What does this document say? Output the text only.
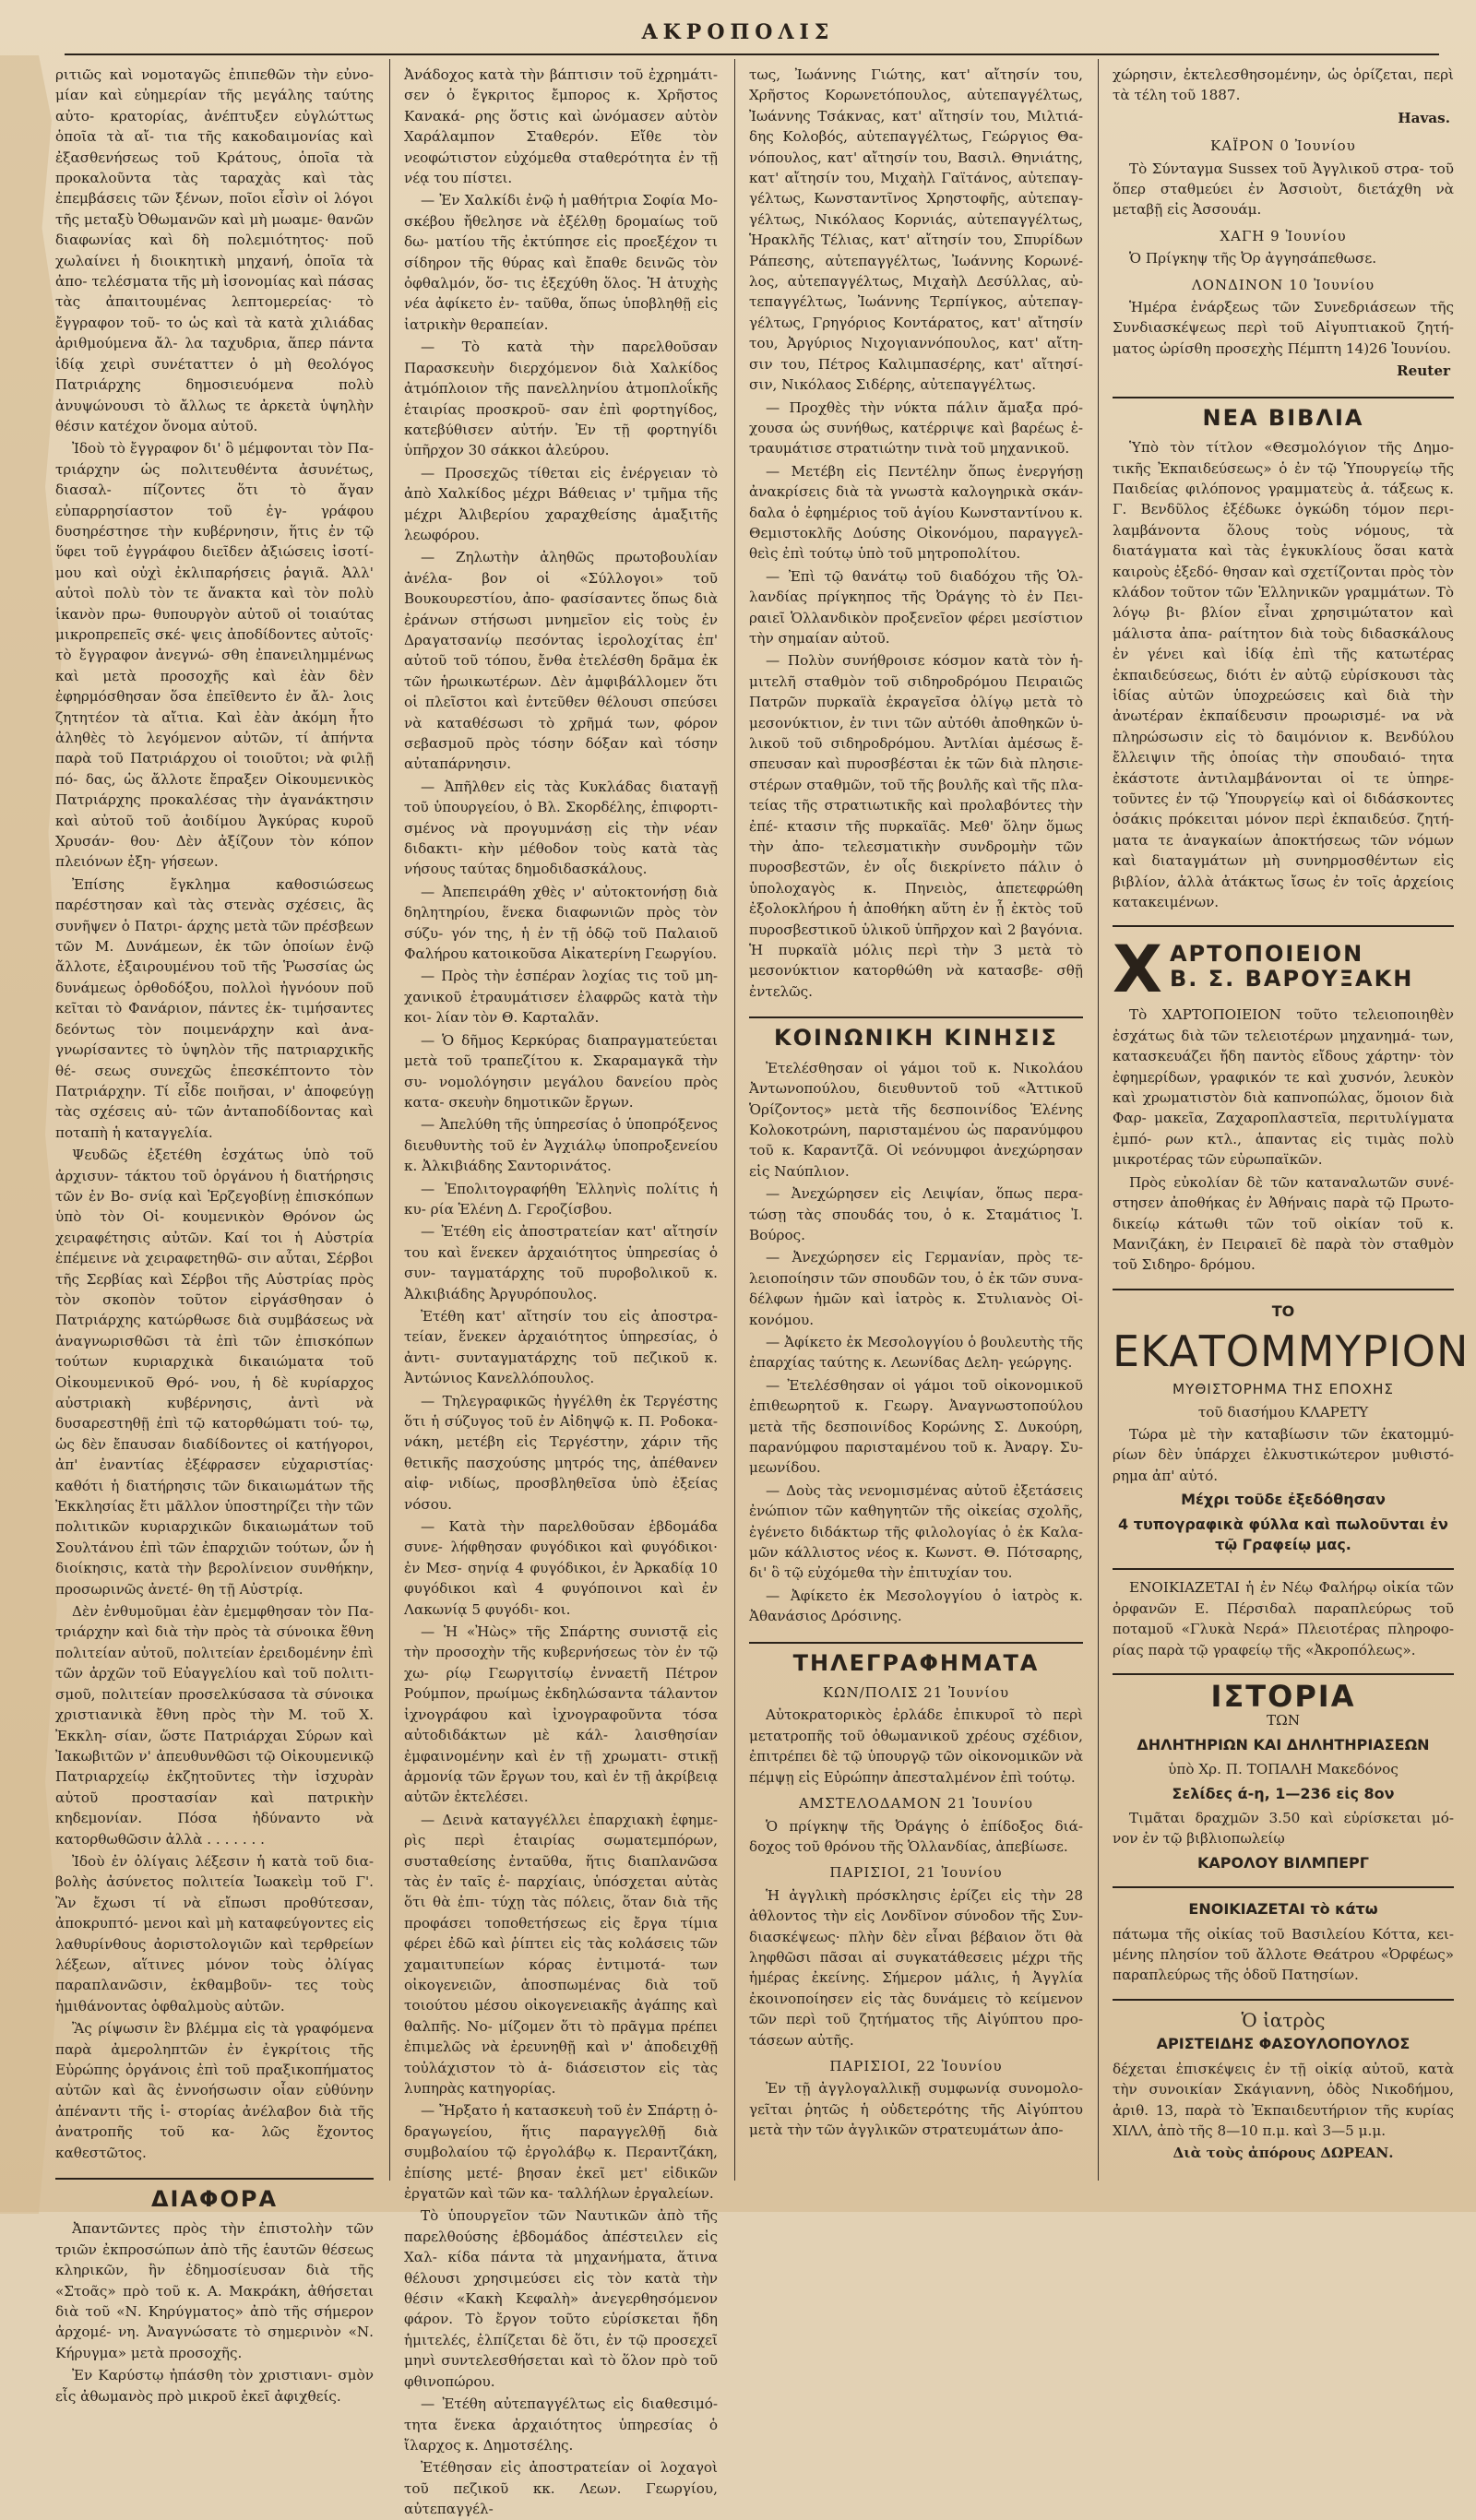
ΑΚΡΟΠΟΛΙΣ

ριτιῶς καὶ νομοταγῶς ἐπιπεθῶν τὴν εὐνο- μίαν καὶ εὐημερίαν τῆς μεγάλης ταύτης αὐτο- κρατορίας, ἀνέπτυξεν εὐγλώττως ὁποῖα τὰ αἴ- τια τῆς κακοδαιμονίας καὶ ἐξασθενήσεως τοῦ Κράτους, ὁποῖα τὰ προκαλοῦντα τὰς ταραχὰς καὶ τὰς ἐπεμβάσεις τῶν ξένων, ποῖοι εἶσὶν οἱ λόγοι τῆς μεταξὺ Ὀθωμανῶν καὶ μὴ μωαμε- θανῶν διαφωνίας καὶ δὴ πολεμιότητος· ποῦ χωλαίνει ἡ διοικητικὴ μηχανή, ὁποῖα τὰ ἀπο- τελέσματα τῆς μὴ ἰσονομίας καὶ πάσας τὰς ἀπαιτουμένας λεπτομερείας· τὸ ἔγγραφον τοῦ- το ὡς καὶ τὰ κατὰ χιλιάδας ἀριθμούμενα ἄλ- λα ταχυδρια, ἅπερ πάντα ἰδίᾳ χειρὶ συνέταττεν ὁ μὴ θεολόγος Πατριάρχης δημοσιευόμενα πολὺ ἀνυψώνουσι τὸ ἄλλως τε ἀρκετὰ ὑψηλὴν θέσιν κατέχον ὄνομα αὐτοῦ.

Ἰδοὺ τὸ ἔγγραφον δι' ὃ μέμφονται τὸν Πα- τριάρχην ὡς πολιτευθέντα ἀσυνέτως, διασαλ- πίζοντες ὅτι τὸ ἄγαν εὐπαρρησίαστον τοῦ ἐγ- γράφου δυσηρέστησε τὴν κυβέρνησιν, ἥτις ἐν τῷ ὕφει τοῦ ἐγγράφου διεῖδεν ἀξιώσεις ἰσοτί- μου καὶ οὐχὶ ἐκλιπαρήσεις ῥαγιᾶ. Ἀλλ' αὐτοὶ πολὺ τὸν τε ἄνακτα καὶ τὸν πολὺ ἱκανὸν πρω- θυπουργὸν αὐτοῦ οἱ τοιαύτας μικροπρεπεῖς σκέ- ψεις ἀποδίδοντες αὐτοῖς· τὸ ἔγγραφον ἀνεγνώ- σθη ἐπανειλημμένως καὶ μετὰ προσοχῆς καὶ ἐὰν δὲν ἐφηρμόσθησαν ὅσα ἐπεῖθεντο ἐν ἄλ- λοις ζητητέον τὰ αἴτια. Καὶ ἐὰν ἀκόμη ἦτο ἀληθὲς τὸ λεγόμενον αὐτῶν, τί ἀπήντα παρὰ τοῦ Πατριάρχου οἱ τοιοῦτοι; νὰ φιλῇ πό- δας, ὡς ἄλλοτε ἔπραξεν Οἰκουμενικὸς Πατριάρχης προκαλέσας τὴν ἀγανάκτησιν καὶ αὐτοῦ τοῦ ἀοιδίμου Ἀγκύρας κυροῦ Χρυσάν- θου· Δὲν ἀξίζουν τὸν κόπον πλειόνων ἐξη- γήσεων.

Ἐπίσης ἔγκλημα καθοσιώσεως παρέστησαν καὶ τὰς στενὰς σχέσεις, ἃς συνῆψεν ὁ Πατρι- άρχης μετὰ τῶν πρέσβεων τῶν Μ. Δυνάμεων, ἐκ τῶν ὁποίων ἐνῷ ἄλλοτε, ἐξαιρουμένου τοῦ τῆς Ῥωσσίας ὡς δυνάμεως ὀρθοδόξου, πολλοὶ ἠγνόουν ποῦ κεῖται τὸ Φανάριον, πάντες ἐκ- τιμήσαντες δεόντως τὸν ποιμενάρχην καὶ ἀνα- γνωρίσαντες τὸ ὑψηλὸν τῆς πατριαρχικῆς θέ- σεως συνεχῶς ἐπεσκέπτοντο τὸν Πατριάρχην. Τί εἶδε ποιῆσαι, ν' ἀποφεύγῃ τὰς σχέσεις αὐ- τῶν ἀνταποδίδοντας καὶ ποταπὴ ἡ καταγγελία.

Ψευδῶς ἐξετέθη ἐσχάτως ὑπὸ τοῦ ἀρχισυν- τάκτου τοῦ ὀργάνου ἡ διατήρησις τῶν ἐν Βο- σνίᾳ καὶ Ἑρζεγοβίνῃ ἐπισκόπων ὑπὸ τὸν Οἰ- κουμενικὸν Θρόνον ὡς χειραφέτησις αὐτῶν. Καί τοι ἡ Αὐστρία ἐπέμεινε νὰ χειραφετηθῶ- σιν αὗται, Σέρβοι τῆς Σερβίας καὶ Σέρβοι τῆς Αὐστρίας πρὸς τὸν σκοπὸν τοῦτον εἰργάσθησαν ὁ Πατριάρχης κατώρθωσε διὰ συμβάσεως νὰ ἀναγνωρισθῶσι τὰ ἐπὶ τῶν ἐπισκόπων τούτων κυριαρχικὰ δικαιώματα τοῦ Οἰκουμενικοῦ Θρό- νου, ἡ δὲ κυρίαρχος αὐστριακὴ κυβέρνησις, ἀντὶ νὰ δυσαρεστηθῇ ἐπὶ τῷ κατορθώματι τού- τῳ, ὡς δὲν ἔπαυσαν διαδίδοντες οἱ κατήγοροι, ἀπ' ἐναντίας ἐξέφρασεν εὐχαριστίας· καθότι ἡ διατήρησις τῶν δικαιωμάτων τῆς Ἐκκλησίας ἔτι μᾶλλον ὑποστηρίζει τὴν τῶν πολιτικῶν κυριαρχικῶν δικαιωμάτων τοῦ Σουλτάνου ἐπὶ τῶν ἐπαρχιῶν τούτων, ὧν ἡ διοίκησις, κατὰ τὴν βερολίνειον συνθήκην, προσωρινῶς ἀνετέ- θη τῇ Αὐστρίᾳ.

Δὲν ἐνθυμοῦμαι ἐὰν ἐμεμφθησαν τὸν Πα- τριάρχην καὶ διὰ τὴν πρὸς τὰ σύνοικα ἔθνη πολιτείαν αὐτοῦ, πολιτείαν ἐρειδομένην ἐπὶ τῶν ἀρχῶν τοῦ Εὐαγγελίου καὶ τοῦ πολιτι- σμοῦ, πολιτείαν προσελκύσασα τὰ σύνοικα χριστιανικὰ ἔθνη πρὸς τὴν Μ. τοῦ Χ. Ἐκκλη- σίαν, ὥστε Πατριάρχαι Σύρων καὶ Ἰακωβιτῶν ν' ἀπευθυνθῶσι τῷ Οἰκουμενικῷ Πατριαρχείῳ ἐκζητοῦντες τὴν ἰσχυρὰν αὐτοῦ προστασίαν καὶ πατρικὴν κηδεμονίαν. Πόσα ἠδύναντο νὰ κατορθωθῶσιν ἀλλὰ . . . . . . .

Ἰδοὺ ἐν ὀλίγαις λέξεσιν ἡ κατὰ τοῦ δια- βολὴς ἀσύνετος πολιτεία Ἰωακεὶμ τοῦ Γ'. Ἂν ἔχωσι τί νὰ εἴπωσι προθύτεσαν, ἀποκρυπτό- μενοι καὶ μὴ καταφεύγοντες εἰς λαθυρίνθους ἀοριστολογιῶν καὶ τερθρείων λέξεων, αἵτινες μόνον τοὺς ὀλίγας παραπλανῶσιν, ἐκθαμβοῦν- τες τοὺς ἡμιθάνοντας ὀφθαλμοὺς αὐτῶν.

Ἂς ρίψωσιν ἓν βλέμμα εἰς τὰ γραφόμενα παρὰ ἀμεροληπτῶν ἐν ἐγκρίτοις τῆς Εὐρώπης ὀργάνοις ἐπὶ τοῦ πραξικοπήματος αὐτῶν καὶ ἂς ἐννοήσωσιν οἷαν εὐθύνην ἀπέναντι τῆς ἱ- στορίας ἀνέλαβον διὰ τῆς ἀνατροπῆς τοῦ κα- λῶς ἔχοντος καθεστῶτος.

ΔΙΑΦΟΡΑ

Ἀπαντῶντες πρὸς τὴν ἐπιστολὴν τῶν τριῶν ἐκπροσώπων ἀπὸ τῆς ἑαυτῶν θέσεως κληρικῶν, ἣν ἐδημοσίευσαν διὰ τῆς «Στοᾶς» πρὸ τοῦ κ. Α. Μακράκη, ἀθήσεται διὰ τοῦ «Ν. Κηρύγματος» ἀπὸ τῆς σήμερον ἀρχομέ- νη. Ἀναγνώσατε τὸ σημερινὸν «Ν. Κήρυγμα» μετὰ προσοχῆς.

Ἐν Καρύστῳ ἠπάσθη τὸν χριστιανι- σμὸν εἷς ἀθωμανὸς πρὸ μικροῦ ἐκεῖ ἀφιχθείς.

Ἀνάδοχος κατὰ τὴν βάπτισιν τοῦ ἐχρημάτι- σεν ὁ ἔγκριτος ἔμπορος κ. Χρῆστος Κανακά- ρης ὅστις καὶ ὠνόμασεν αὐτὸν Χαράλαμπον Σταθερόν. Εἴθε τὸν νεοφώτιστον εὐχόμεθα σταθερότητα ἐν τῇ νέᾳ του πίστει.

— Ἐν Χαλκίδι ἐνῷ ἡ μαθήτρια Σοφία Μο- σκέβου ἤθελησε νὰ ἐξέλθῃ δρομαίως τοῦ δω- ματίου τῆς ἐκτύπησε εἰς προεξέχον τι σίδηρον τῆς θύρας καὶ ἔπαθε δεινῶς τὸν ὀφθαλμόν, ὅσ- τις ἐξεχύθη ὅλος. Ἡ ἀτυχὴς νέα ἀφίκετο ἐν- ταῦθα, ὅπως ὑποβληθῇ εἰς ἰατρικὴν θεραπείαν.

— Τὸ κατὰ τὴν παρελθοῦσαν Παρασκευὴν διερχόμενον διὰ Χαλκίδος ἀτμόπλοιον τῆς πανελληνίου ἀτμοπλοΐκῆς ἑταιρίας προσκροῦ- σαν ἐπὶ φορτηγίδος, κατεβύθισεν αὐτήν. Ἐν τῇ φορτηγίδι ὑπῆρχον 30 σάκκοι ἀλεύρου.

— Προσεχῶς τίθεται εἰς ἐνέργειαν τὸ ἀπὸ Χαλκίδος μέχρι Βάθειας ν' τμῆμα τῆς μέχρι Ἀλιβερίου χαραχθείσης ἁμαξιτῆς λεωφόρου.

— Ζηλωτὴν ἀληθῶς πρωτοβουλίαν ἀνέλα- βον οἱ «Σύλλογοι» τοῦ Βουκουρεστίου, ἀπο- φασίσαντες ὅπως διὰ ἐράνων στήσωσι μνημεῖον εἰς τοὺς ἐν Δραγατσανίῳ πεσόντας ἱερολοχίτας ἐπ' αὐτοῦ τοῦ τόπου, ἔνθα ἐτελέσθη δρᾶμα ἐκ τῶν ἡρωικωτέρων. Δὲν ἀμφιβάλλομεν ὅτι οἱ πλεῖστοι καὶ ἐντεῦθεν θέλουσι σπεύσει νὰ καταθέσωσι τὸ χρῆμά των, φόρον σεβασμοῦ πρὸς τόσην δόξαν καὶ τόσην αὐταπάρνησιν.

— Ἀπῆλθεν εἰς τὰς Κυκλάδας διαταγῇ τοῦ ὑπουργείου, ὁ Βλ. Σκορδέλης, ἐπιφορτι- σμένος νὰ προγυμνάσῃ εἰς τὴν νέαν διδακτι- κὴν μέθοδον τοὺς κατὰ τὰς νήσους ταύτας δημοδιδασκάλους.

— Ἀπεπειράθη χθὲς ν' αὐτοκτονήσῃ διὰ δηλητηρίου, ἕνεκα διαφωνιῶν πρὸς τὸν σύζυ- γόν της, ἡ ἐν τῇ ὁδῷ τοῦ Παλαιοῦ Φαλήρου κατοικοῦσα Αἰκατερίνη Γεωργίου.

— Πρὸς τὴν ἑσπέραν λοχίας τις τοῦ μη- χανικοῦ ἐτραυμάτισεν ἐλαφρῶς κατὰ τὴν κοι- λίαν τὸν Θ. Καρταλᾶν.

— Ὁ δῆμος Κερκύρας διαπραγματεύεται μετὰ τοῦ τραπεζίτου κ. Σκαραμαγκᾶ τὴν συ- νομολόγησιν μεγάλου δανείου πρὸς κατα- σκευὴν δημοτικῶν ἔργων.

— Ἀπελύθη τῆς ὑπηρεσίας ὁ ὑποπρόξενος διευθυντὴς τοῦ ἐν Ἀγχιάλῳ ὑποπροξενείου κ. Ἀλκιβιάδης Σαντορινάτος.

— Ἐπολιτογραφήθη Ἑλληνὶς πολίτις ἡ κυ- ρία Ἑλένη Δ. Γεροζίσβου.

— Ἐτέθη εἰς ἀποστρατείαν κατ' αἴτησίν του καὶ ἕνεκεν ἀρχαιότητος ὑπηρεσίας ὁ συν- ταγματάρχης τοῦ πυροβολικοῦ κ. Ἀλκιβιάδης Ἀργυρόπουλος.

Ἐτέθη κατ' αἴτησίν του εἰς ἀποστρα- τείαν, ἕνεκεν ἀρχαιότητος ὑπηρεσίας, ὁ ἀντι- συνταγματάρχης τοῦ πεζικοῦ κ. Ἀντώνιος Κανελλόπουλος.

— Τηλεγραφικῶς ἠγγέλθη ἐκ Τεργέστης ὅτι ἡ σύζυγος τοῦ ἐν Αἰδηψῷ κ. Π. Ροδοκα- νάκη, μετέβη εἰς Τεργέστην, χάριν τῆς θετικῆς πασχούσης μητρός της, ἀπέθανεν αἰφ- νιδίως, προσβληθεῖσα ὑπὸ ἐξείας νόσου.

— Κατὰ τὴν παρελθοῦσαν ἑβδομάδα συνε- λήφθησαν φυγόδικοι καὶ φυγόδικοι· ἐν Μεσ- σηνίᾳ 4 φυγόδικοι, ἐν Ἀρκαδίᾳ 10 φυγόδικοι καὶ 4 φυγόποινοι καὶ ἐν Λακωνίᾳ 5 φυγόδι- κοι.

— Ἡ «Ἠὼς» τῆς Σπάρτης συνιστᾷ εἰς τὴν προσοχὴν τῆς κυβερνήσεως τὸν ἐν τῷ χω- ρίῳ Γεωργιτσίῳ ἐνναετῆ Πέτρον Ρούμπον, πρωίμως ἐκδηλώσαντα τάλαντον ἰχνογράφου καὶ ἰχνογραφοῦντα τόσα αὐτοδιδάκτων μὲ κάλ- λαισθησίαν ἐμφαινομένην καὶ ἐν τῇ χρωματι- στικῇ ἁρμονίᾳ τῶν ἔργων του, καὶ ἐν τῇ ἀκρίβειᾳ αὐτῶν ἐκτελέσει.

— Δεινὰ καταγγέλλει ἐπαρχιακὴ ἐφημε- ρὶς περὶ ἑταιρίας σωματεμπόρων, συσταθείσης ἐνταῦθα, ἥτις διαπλανῶσα τὰς ἐν ταῖς ἐ- παρχίαις, ὑπόσχεται αὐτὰς ὅτι θὰ ἐπι- τύχῃ τὰς πόλεις, ὅταν διὰ τῆς προφάσει τοποθετήσεως εἰς ἔργα τίμια φέρει ἐδῶ καὶ ῥίπτει εἰς τὰς κολάσεις τῶν χαμαιτυπείων κόρας ἐντιμοτά- των οἰκογενειῶν, ἀποσπωμένας διὰ τοῦ τοιούτου μέσου οἰκογενειακῆς ἀγάπης καὶ θαλπῆς. Νο- μίζομεν ὅτι τὸ πρᾶγμα πρέπει ἐπιμελῶς νὰ ἐρευνηθῇ καὶ ν' ἀποδειχθῇ τοὐλάχιστον τὸ ἀ- διάσειστον εἰς τὰς λυπηρὰς κατηγορίας.

— Ἤρξατο ἡ κατασκευὴ τοῦ ἐν Σπάρτῃ ὁ- δραγωγείου, ἥτις παραγγελθῇ διὰ συμβολαίου τῷ ἐργολάβῳ κ. Περαντζάκη, ἐπίσης μετέ- βησαν ἐκεῖ μετ' εἰδικῶν ἐργατῶν καὶ τῶν κα- ταλλήλων ἐργαλείων.

Τὸ ὑπουργεῖον τῶν Ναυτικῶν ἀπὸ τῆς παρελθούσης ἑβδομάδος ἀπέστειλεν εἰς Χαλ- κίδα πάντα τὰ μηχανήματα, ἅτινα θέλουσι χρησιμεύσει εἰς τὸν κατὰ τὴν θέσιν «Κακὴ Κεφαλὴ» ἀνεγερθησόμενον φάρον. Τὸ ἔργον τοῦτο εὑρίσκεται ἤδη ἡμιτελές, ἐλπίζεται δὲ ὅτι, ἐν τῷ προσεχεῖ μηνὶ συντελεσθήσεται καὶ τὸ ὅλον πρὸ τοῦ φθινοπώρου.

— Ἐτέθη αὐτεπαγγέλτως εἰς διαθεσιμό- τητα ἕνεκα ἀρχαιότητος ὑπηρεσίας ὁ ἴλαρχος κ. Δημοτσέλης.

Ἐτέθησαν εἰς ἀποστρατείαν οἱ λοχαγοὶ τοῦ πεζικοῦ κκ. Λεων. Γεωργίου, αὐτεπαγγέλ-

τως, Ἰωάννης Γιώτης, κατ' αἴτησίν του, Χρῆστος Κορωνετόπουλος, αὐτεπαγγέλτως, Ἰωάννης Τσάκνας, κατ' αἴτησίν του, Μιλτιά- δης Κολοβός, αὐτεπαγγέλτως, Γεώργιος Θα- νόπουλος, κατ' αἴτησίν του, Βασιλ. Θηνιάτης, κατ' αἴτησίν του, Μιχαὴλ Γαϊτάνος, αὐτεπαγ- γέλτως, Κωνσταντῖνος Χρηστοφῆς, αὐτεπαγ- γέλτως, Νικόλαος Κορνιάς, αὐτεπαγγέλτως, Ἡρακλῆς Τέλιας, κατ' αἴτησίν του, Σπυρίδων Ράπεσης, αὐτεπαγγέλτως, Ἰωάννης Κορωνέ- λος, αὐτεπαγγέλτως, Μιχαὴλ Δεσύλλας, αὐ- τεπαγγέλτως, Ἰωάννης Τερπίγκος, αὐτεπαγ- γέλτως, Γρηγόριος Κοντάρατος, κατ' αἴτησίν του, Ἀργύριος Νιχογιαννόπουλος, κατ' αἴτη- σιν του, Πέτρος Καλιμπασέρης, κατ' αἴτησί- σιν, Νικόλαος Σιδέρης, αὐτεπαγγέλτως.

— Προχθὲς τὴν νύκτα πάλιν ἄμαξα πρό- χουσα ὡς συνήθως, κατέρριψε καὶ βαρέως ἐ- τραυμάτισε στρατιώτην τινὰ τοῦ μηχανικοῦ.

— Μετέβη εἰς Πεντέλην ὅπως ἐνεργήσῃ ἀνακρίσεις διὰ τὰ γνωστὰ καλογηρικὰ σκάν- δαλα ὁ ἐφημέριος τοῦ ἁγίου Κωνσταντίνου κ. Θεμιστοκλῆς Δούσης Οἰκονόμου, παραγγελ- θεὶς ἐπὶ τούτῳ ὑπὸ τοῦ μητροπολίτου.

— Ἐπὶ τῷ θανάτῳ τοῦ διαδόχου τῆς Ὁλ- λανδίας πρίγκηπος τῆς Ὀράγης τὸ ἐν Πει- ραιεῖ Ὁλλανδικὸν προξενεῖον φέρει μεσίστιον τὴν σημαίαν αὐτοῦ.

— Πολὺν συνήθροισε κόσμον κατὰ τὸν ἡ- μιτελῆ σταθμὸν τοῦ σιδηροδρόμου Πειραιῶς Πατρῶν πυρκαϊὰ ἐκραγεῖσα ὀλίγῳ μετὰ τὸ μεσονύκτιον, ἐν τινι τῶν αὐτόθι ἀποθηκῶν ὑ- λικοῦ τοῦ σιδηροδρόμου. Ἀντλίαι ἀμέσως ἔ- σπευσαν καὶ πυροσβέσται ἐκ τῶν διὰ πλησιε- στέρων σταθμῶν, τοῦ τῆς βουλῆς καὶ τῆς πλα- τείας τῆς στρατιωτικῆς καὶ προλαβόντες τὴν ἐπέ- κτασιν τῆς πυρκαϊᾶς. Μεθ' ὅλην ὅμως τὴν ἀπο- τελεσματικὴν συνδρομὴν τῶν πυροσβεστῶν, ἐν οἷς διεκρίνετο πάλιν ὁ ὑπολοχαγὸς κ. Πηνειὸς, ἀπετεφρώθη ἐξολοκλήρου ἡ ἀποθήκη αὕτη ἐν ᾗ ἐκτὸς τοῦ πυροσβεστικοῦ ὑλικοῦ ὑπῆρχον καὶ 2 βαγόνια. Ἡ πυρκαϊὰ μόλις περὶ τὴν 3 μετὰ τὸ μεσονύκτιον κατορθώθη νὰ κατασβε- σθῇ ἐντελῶς.

ΚΟΙΝΩΝΙΚΗ ΚΙΝΗΣΙΣ

Ἐτελέσθησαν οἱ γάμοι τοῦ κ. Νικολάου Ἀντωνοπούλου, διευθυντοῦ τοῦ «Ἀττικοῦ Ὁρίζοντος» μετὰ τῆς δεσποινίδος Ἑλένης Κολοκοτρώνη, παρισταμένου ὡς παρανύμφου τοῦ κ. Καραντζᾶ. Οἱ νεόνυμφοι ἀνεχώρησαν εἰς Ναύπλιον.

— Ἀνεχώρησεν εἰς Λειψίαν, ὅπως περα- τώσῃ τὰς σπουδάς του, ὁ κ. Σταμάτιος Ἰ. Βούρος.

— Ἀνεχώρησεν εἰς Γερμανίαν, πρὸς τε- λειοποίησιν τῶν σπουδῶν του, ὁ ἐκ τῶν συνα- δέλφων ἡμῶν καὶ ἰατρὸς κ. Στυλιανὸς Οἰ- κονόμου.

— Ἀφίκετο ἐκ Μεσολογγίου ὁ βουλευτὴς τῆς ἐπαρχίας ταύτης κ. Λεωνίδας Δελη- γεώργης.

— Ἐτελέσθησαν οἱ γάμοι τοῦ οἰκονομικοῦ ἐπιθεωρητοῦ κ. Γεωργ. Ἀναγνωστοπούλου μετὰ τῆς δεσποινίδος Κορώνης Σ. Δυκούρη, παρανύμφου παρισταμένου τοῦ κ. Ἀναργ. Συ- μεωνίδου.

— Δοὺς τὰς νενομισμένας αὐτοῦ ἐξετάσεις ἐνώπιον τῶν καθηγητῶν τῆς οἰκείας σχολῆς, ἐγένετο διδάκτωρ τῆς φιλολογίας ὁ ἐκ Καλα- μῶν κάλλιστος νέος κ. Κωνστ. Θ. Πότσαρης, δι' ὃ τῷ εὐχόμεθα τὴν ἐπιτυχίαν του.

— Ἀφίκετο ἐκ Μεσολογγίου ὁ ἰατρὸς κ. Ἀθανάσιος Δρόσινης.

ΤΗΛΕΓΡΑΦΗΜΑΤΑ
ΚΩΝ/ΠΟΛΙΣ 21 Ἰουνίου

Αὐτοκρατορικὸς ἐρλάδε ἐπικυροῖ τὸ περὶ μετατροπῆς τοῦ ὀθωμανικοῦ χρέους σχέδιον, ἐπιτρέπει δὲ τῷ ὑπουργῷ τῶν οἰκονομικῶν νὰ πέμψῃ εἰς Εὐρώπην ἀπεσταλμένον ἐπὶ τούτῳ.

ΑΜΣΤΕΛΟΔΑΜΟΝ 21 Ἰουνίου

Ὁ πρίγκηψ τῆς Ὀράγης ὁ ἐπίδοξος διά- δοχος τοῦ θρόνου τῆς Ὁλλανδίας, ἀπεβίωσε.

ΠΑΡΙΣΙΟΙ, 21 Ἰουνίου

Ἡ ἀγγλικὴ πρόσκλησις ἐρίζει εἰς τὴν 28 ἀθλοντος τὴν εἰς Λονδῖνον σύνοδον τῆς Συν- διασκέψεως· πλὴν δὲν εἶναι βέβαιον ὅτι θὰ ληφθῶσι πᾶσαι αἱ συγκατάθεσεις μέχρι τῆς ἡμέρας ἐκείνης. Σήμερον μάλις, ἡ Ἀγγλία ἐκοινοποίησεν εἰς τὰς δυνάμεις τὸ κείμενον τῶν περὶ τοῦ ζητήματος τῆς Αἰγύπτου προ- τάσεων αὐτῆς.

ΠΑΡΙΣΙΟΙ, 22 Ἰουνίου

Ἐν τῇ ἀγγλογαλλικῇ συμφωνίᾳ συνομολο- γεῖται ῥητῶς ἡ οὐδετερότης τῆς Αἰγύπτου μετὰ τὴν τῶν ἀγγλικῶν στρατευμάτων ἀπο-

χώρησιν, ἐκτελεσθησομένην, ὡς ὁρίζεται, περὶ τὰ τέλη τοῦ 1887.

Havas.
ΚΑΪΡΟΝ 0 Ἰουνίου

Τὸ Σύνταγμα Sussex τοῦ Ἀγγλικοῦ στρα- τοῦ ὅπερ σταθμεύει ἐν Ἀσσιοὺτ, διετάχθη νὰ μεταβῇ εἰς Ἀσσουάμ.

ΧΑΓΗ 9 Ἰουνίου

Ὁ Πρίγκηψ τῆς Ὀρ ἀγγησάπεθωσε.

ΛΟΝΔΙΝΟΝ 10 Ἰουνίου

Ἡμέρα ἐνάρξεως τῶν Συνεδριάσεων τῆς Συνδιασκέψεως περὶ τοῦ Αἰγυπτιακοῦ ζητή- ματος ὡρίσθη προσεχὴς Πέμπτη 14)26 Ἰουνίου.

Reuter
ΝΕΑ ΒΙΒΛΙΑ

Ὑπὸ τὸν τίτλον «Θεσμολόγιον τῆς Δημο- τικῆς Ἐκπαιδεύσεως» ὁ ἐν τῷ Ὑπουργείῳ τῆς Παιδείας φιλόπονος γραμματεὺς ἀ. τάξεως κ. Γ. Βενδῦλος ἐξέδωκε ὀγκώδη τόμον περι- λαμβάνοντα ὅλους τοὺς νόμους, τὰ διατάγματα καὶ τὰς ἐγκυκλίους ὅσαι κατὰ καιροὺς ἐξεδό- θησαν καὶ σχετίζονται πρὸς τὸν κλάδον τοῦτον τῶν Ἑλληνικῶν γραμμάτων. Τὸ λόγῳ βι- βλίον εἶναι χρησιμώτατον καὶ μάλιστα ἀπα- ραίτητον διὰ τοὺς διδασκάλους ἐν γένει καὶ ἰδίᾳ ἐπὶ τῆς κατωτέρας ἐκπαιδεύσεως, διότι ἐν αὐτῷ εὑρίσκουσι τὰς ἰδίας αὐτῶν ὑποχρεώσεις καὶ διὰ τὴν ἀνωτέραν ἐκπαίδευσιν προωρισμέ- να νὰ πληρώσωσιν εἰς τὸ δαιμόνιον κ. Βενδύλου ἔλλειψιν τῆς ὁποίας τὴν σπουδαιό- τητα ἐκάστοτε ἀντιλαμβάνονται οἱ τε ὑπηρε- τοῦντες ἐν τῷ Ὑπουργείῳ καὶ οἱ διδάσκοντες ὁσάκις πρόκειται μόνον περὶ ἐκπαιδεύσ. ζητή- ματα τε ἀναγκαίων ἀποκτήσεως τῶν νόμων καὶ διαταγμάτων μὴ συνηρμοσθέντων εἰς βιβλίον, ἀλλὰ ἀτάκτως ἴσως ἐν τοῖς ἀρχείοις κατακειμένων.

Χ ΑΡΤΟΠΟΙΕΙΟΝ
Β. Σ. ΒΑΡΟΥΞΑΚΗ

Τὸ ΧΑΡΤΟΠΟΙΕΙΟΝ τοῦτο τελειοποιηθὲν ἐσχάτως διὰ τῶν τελειοτέρων μηχανημά- των, κατασκευάζει ἤδη παντὸς εἴδους χάρτην· τὸν ἐφημερίδων, γραφικόν τε καὶ χυσνόν, λευκὸν καὶ χρωματιστὸν διὰ καπνοπώλας, ὅμοιον διὰ Φαρ- μακεῖα, Ζαχαροπλαστεῖα, περιτυλίγματα ἐμπό- ρων κτλ., ἁπαντας εἰς τιμὰς πολὺ μικροτέρας τῶν εὐρωπαϊκῶν.

Πρὸς εὐκολίαν δὲ τῶν καταναλωτῶν συνέ- στησεν ἀποθήκας ἐν Ἀθήναις παρὰ τῷ Πρωτο- δικείῳ κάτωθι τῶν τοῦ οἰκίαν τοῦ κ. Μανιζάκη, ἐν Πειραιεῖ δὲ παρὰ τὸν σταθμὸν τοῦ Σιδηρο- δρόμου.

ΤΟ
ΕΚΑΤΟΜΜΥΡΙΟΝ
ΜΥΘΙΣΤΟΡΗΜΑ ΤΗΣ ΕΠΟΧΗΣ
τοῦ διασήμου ΚΛΑΡΕΤΥ

Τώρα μὲ τὴν καταβίωσιν τῶν ἑκατομμύ- ρίων δὲν ὑπάρχει ἐλκυστικώτερον μυθιστό- ρημα ἀπ' αὐτό.

Μέχρι τοῦδε ἐξεδόθησαν
4 τυπογραφικὰ φύλλα καὶ πωλοῦνται ἐν τῷ Γραφείῳ μας.

ΕΝΟΙΚΙΑΖΕΤΑΙ ἡ ἐν Νέῳ Φαλήρῳ οἰκία τῶν ὀρφανῶν Ε. Πέρσιδαλ παραπλεύρως τοῦ ποταμοῦ «Γλυκὰ Νερά» Πλειοτέρας πληροφο- ρίας παρὰ τῷ γραφείῳ τῆς «Ἀκροπόλεως».

ΙΣΤΟΡΙΑ
ΤΩΝ
ΔΗΛΗΤΗΡΙΩΝ ΚΑΙ ΔΗΛΗΤΗΡΙΑΣΕΩΝ
ὑπὸ Χρ. Π. ΤΟΠΑΛΗ Μακεδόνος
Σελίδες ά-η, 1—236 εἰς 8ον

Τιμᾶται δραχμῶν 3.50 καὶ εὑρίσκεται μό- νον ἐν τῷ βιβλιοπωλείῳ

ΚΑΡΟΛΟΥ ΒΙΛΜΠΕΡΓ
ΕΝΟΙΚΙΑΖΕΤΑΙ τὸ κάτω

πάτωμα τῆς οἰκίας τοῦ Βασιλείου Κόττα, κει- μένης πλησίον τοῦ ἄλλοτε Θεάτρου «Ὀρφέως» παραπλεύρως τῆς ὁδοῦ Πατησίων.

Ὁ ἰατρὸς
ΑΡΙΣΤΕΙΔΗΣ ΦΑΣΟΥΛΟΠΟΥΛΟΣ

δέχεται ἐπισκέψεις ἐν τῇ οἰκίᾳ αὐτοῦ, κατὰ τὴν συνοικίαν Σκάγιαννη, ὁδὸς Νικοδήμου, ἀριθ. 13, παρὰ τὸ Ἐκπαιδευτήριον τῆς κυρίας ΧΙΛΛ, ἀπὸ τῆς 8—10 π.μ. καὶ 3—5 μ.μ.

Διὰ τοὺς ἀπόρους ΔΩΡΕΑΝ.
